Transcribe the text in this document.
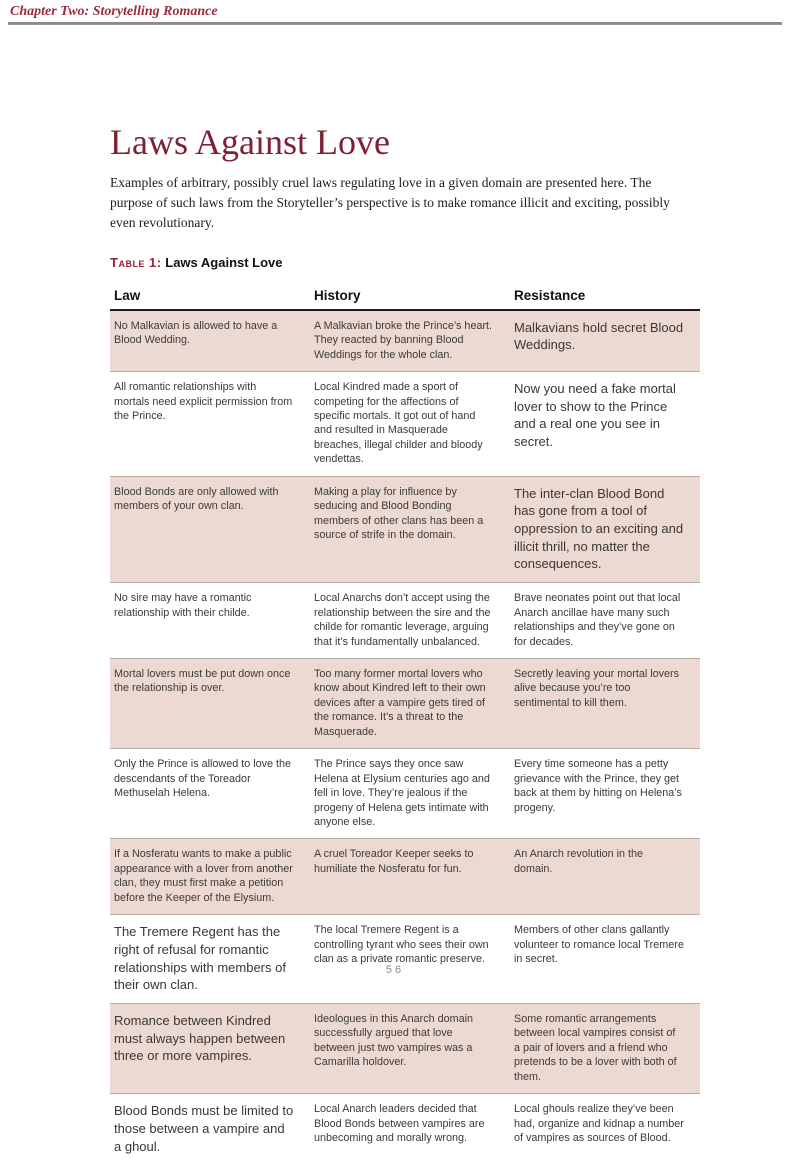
Chapter Two: Storytelling Romance
Laws Against Love

Examples of arbitrary, possibly cruel laws regulating love in a given domain are presented here. The purpose of such laws from the Storyteller’s perspective is to make romance illicit and exciting, possibly even revolutionary.

Table 1: Laws Against Love
Law	History	Resistance
No Malkavian is allowed to have a Blood Wedding.	A Malkavian broke the Prince’s heart. They reacted by banning Blood Weddings for the whole clan.	Malkavians hold secret Blood Weddings.
All romantic relationships with mortals need explicit permission from the Prince.	Local Kindred made a sport of competing for the affections of specific mortals. It got out of hand and resulted in Masquerade breaches, illegal childer and bloody vendettas.	Now you need a fake mortal lover to show to the Prince and a real one you see in secret.
Blood Bonds are only allowed with members of your own clan.	Making a play for influence by seducing and Blood Bonding members of other clans has been a source of strife in the domain.	The inter-clan Blood Bond has gone from a tool of oppression to an exciting and illicit thrill, no matter the consequences.
No sire may have a romantic relationship with their childe.	Local Anarchs don’t accept using the relationship between the sire and the childe for romantic leverage, arguing that it’s fundamentally unbalanced.	Brave neonates point out that local Anarch ancillae have many such relationships and they’ve gone on for decades.
Mortal lovers must be put down once the relationship is over.	Too many former mortal lovers who know about Kindred left to their own devices after a vampire gets tired of the romance. It’s a threat to the Masquerade.	Secretly leaving your mortal lovers alive because you’re too sentimental to kill them.
Only the Prince is allowed to love the descendants of the Toreador Methuselah Helena.	The Prince says they once saw Helena at Elysium centuries ago and fell in love. They’re jealous if the progeny of Helena gets intimate with anyone else.	Every time someone has a petty grievance with the Prince, they get back at them by hitting on Helena’s progeny.
If a Nosferatu wants to make a public appearance with a lover from another clan, they must first make a petition before the Keeper of the Elysium.	A cruel Toreador Keeper seeks to humiliate the Nosferatu for fun.	An Anarch revolution in the domain.
The Tremere Regent has the right of refusal for romantic relationships with members of their own clan.	The local Tremere Regent is a controlling tyrant who sees their own clan as a private romantic preserve.	Members of other clans gallantly volunteer to romance local Tremere in secret.
Romance between Kindred must always happen between three or more vampires.	Ideologues in this Anarch domain successfully argued that love between just two vampires was a Camarilla holdover.	Some romantic arrangements between local vampires consist of a pair of lovers and a friend who pretends to be a lover with both of them.
Blood Bonds must be limited to those between a vampire and a ghoul.	Local Anarch leaders decided that Blood Bonds between vampires are unbecoming and morally wrong.	Local ghouls realize they’ve been had, organize and kidnap a number of vampires as sources of Blood.
56
